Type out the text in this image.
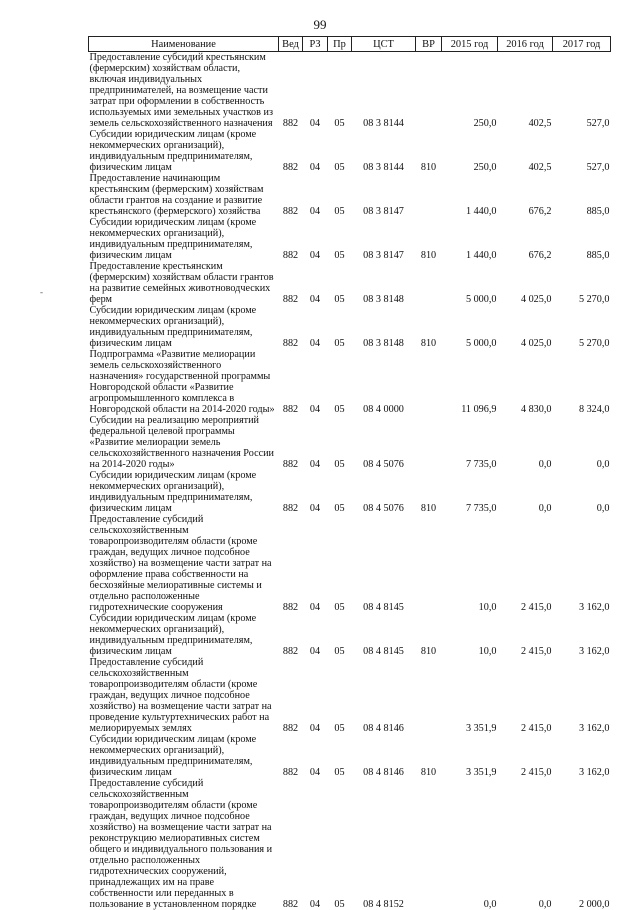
99
-
Наименование	Вед	РЗ	Пр	ЦСТ	ВР	2015 год	2016 год	2017 год
Предоставление субсидий крестьянским (фермерским) хозяйствам области, включая индивидуальных предпринимателей, на возмещение части затрат при оформлении в собственность используемых ими земельных участков из земель сельскохозяйственного назначения	882	04	05	08 3 8144		250,0	402,5	527,0
Субсидии юридическим лицам (кроме некоммерческих организаций), индивидуальным предпринимателям, физическим лицам	882	04	05	08 3 8144	810	250,0	402,5	527,0
Предоставление начинающим крестьянским (фермерским) хозяйствам области грантов на создание и развитие крестьянского (фермерского) хозяйства	882	04	05	08 3 8147		1 440,0	676,2	885,0
Субсидии юридическим лицам (кроме некоммерческих организаций), индивидуальным предпринимателям, физическим лицам	882	04	05	08 3 8147	810	1 440,0	676,2	885,0
Предоставление крестьянским (фермерским) хозяйствам области грантов на развитие семейных животноводческих ферм	882	04	05	08 3 8148		5 000,0	4 025,0	5 270,0
Субсидии юридическим лицам (кроме некоммерческих организаций), индивидуальным предпринимателям, физическим лицам	882	04	05	08 3 8148	810	5 000,0	4 025,0	5 270,0
Подпрограмма «Развитие мелиорации земель сельскохозяйственного назначения» государственной программы Новгородской области «Развитие агропромышленного комплекса в Новгородской области на 2014-2020 годы»	882	04	05	08 4 0000		11 096,9	4 830,0	8 324,0
Субсидии на реализацию мероприятий федеральной целевой программы «Развитие мелиорации земель сельскохозяйственного назначения России на 2014-2020 годы»	882	04	05	08 4 5076		7 735,0	0,0	0,0
Субсидии юридическим лицам (кроме некоммерческих организаций), индивидуальным предпринимателям, физическим лицам	882	04	05	08 4 5076	810	7 735,0	0,0	0,0
Предоставление субсидий сельскохозяйственным товаропроизводителям области (кроме граждан, ведущих личное подсобное хозяйство) на возмещение части затрат на оформление права собственности на бесхозяйные мелиоративные системы и отдельно расположенные гидротехнические сооружения	882	04	05	08 4 8145		10,0	2 415,0	3 162,0
Субсидии юридическим лицам (кроме некоммерческих организаций), индивидуальным предпринимателям, физическим лицам	882	04	05	08 4 8145	810	10,0	2 415,0	3 162,0
Предоставление субсидий сельскохозяйственным товаропроизводителям области (кроме граждан, ведущих личное подсобное хозяйство) на возмещение части затрат на проведение культуртехнических работ на мелиорируемых землях	882	04	05	08 4 8146		3 351,9	2 415,0	3 162,0
Субсидии юридическим лицам (кроме некоммерческих организаций), индивидуальным предпринимателям, физическим лицам	882	04	05	08 4 8146	810	3 351,9	2 415,0	3 162,0
Предоставление субсидий сельскохозяйственным товаропроизводителям области (кроме граждан, ведущих личное подсобное хозяйство) на возмещение части затрат на реконструкцию мелиоративных систем общего и индивидуального пользования и отдельно расположенных гидротехнических сооружений, принадлежащих им на праве собственности или переданных в пользование в установленном порядке	882	04	05	08 4 8152		0,0	0,0	2 000,0
